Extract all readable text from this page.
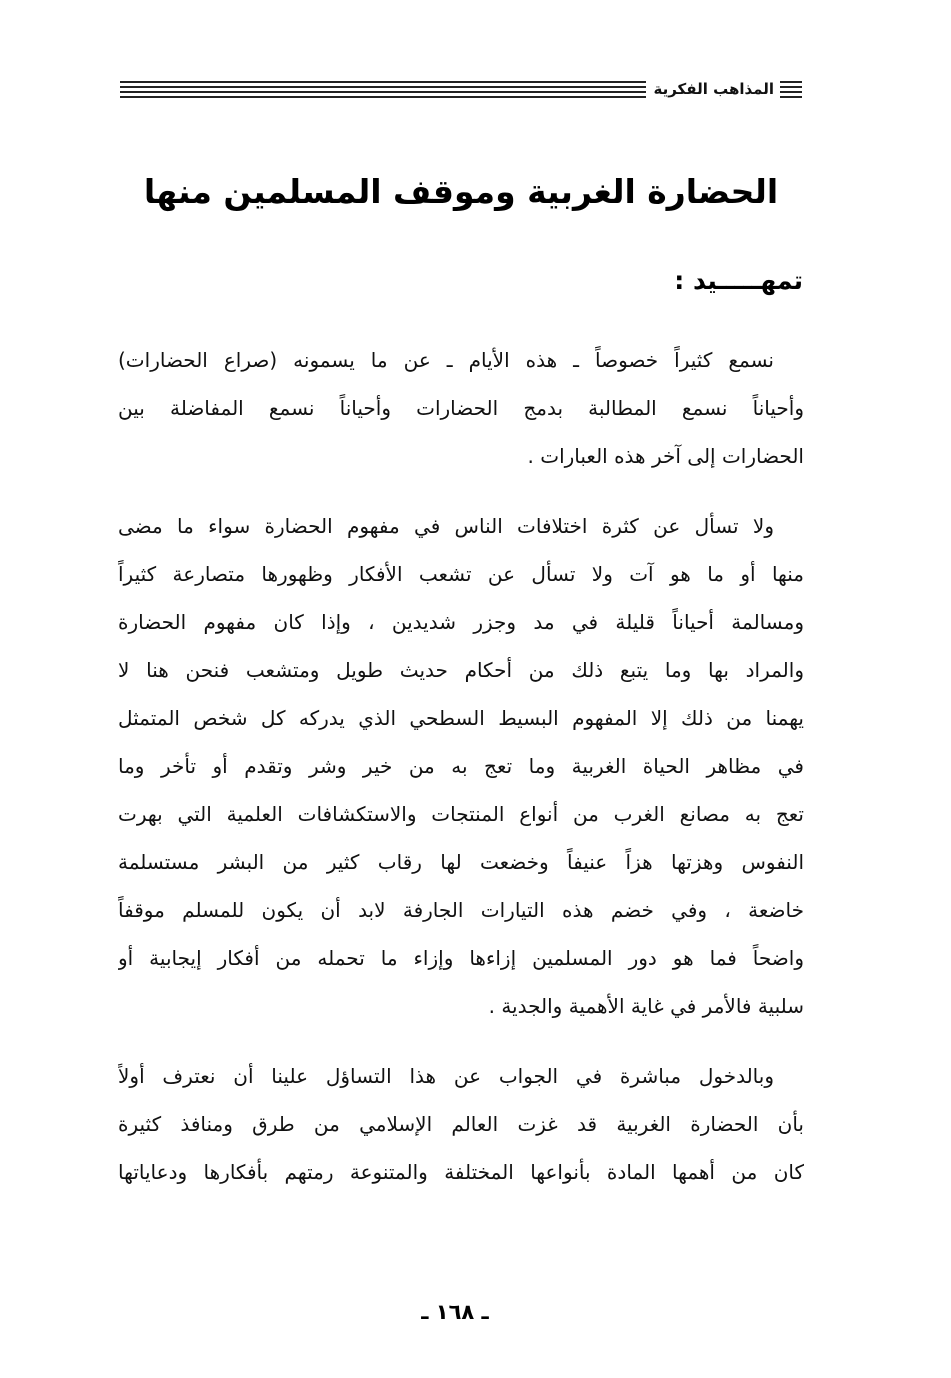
المذاهب الفكرية
الحضارة الغربية وموقف المسلمين منها
تمهـــــيد :
نسمع كثيراً خصوصاً ـ هذه الأيام ـ عن ما يسمونه (صراع الحضارات)
وأحياناً نسمع المطالبة بدمج الحضارات وأحياناً نسمع المفاضلة بين
الحضارات إلى آخر هذه العبارات .
ولا تسأل عن كثرة اختلافات الناس في مفهوم الحضارة سواء ما مضى
منها أو ما هو آت ولا تسأل عن تشعب الأفكار وظهورها متصارعة كثيراً
ومسالمة أحياناً قليلة في مد وجزر شديدين ، وإذا كان مفهوم الحضارة
والمراد بها وما يتبع ذلك من أحكام حديث طويل ومتشعب فنحن هنا لا
يهمنا من ذلك إلا المفهوم البسيط السطحي الذي يدركه كل شخص المتمثل
في مظاهر الحياة الغربية وما تعج به من خير وشر وتقدم أو تأخر وما
تعج به مصانع الغرب من أنواع المنتجات والاستكشافات العلمية التي بهرت
النفوس وهزتها هزاً عنيفاً وخضعت لها رقاب كثير من البشر مستسلمة
خاضعة ، وفي خضم هذه التيارات الجارفة لابد أن يكون للمسلم موقفاً
واضحاً فما هو دور المسلمين إزاءها وإزاء ما تحمله من أفكار إيجابية أو
سلبية فالأمر في غاية الأهمية والجدية .
وبالدخول مباشرة في الجواب عن هذا التساؤل علينا أن نعترف أولاً
بأن الحضارة الغربية قد غزت العالم الإسلامي من طرق ومنافذ كثيرة
كان من أهمها المادة بأنواعها المختلفة والمتنوعة رمتهم بأفكارها ودعاياتها
ـ ١٦٨ ـ
